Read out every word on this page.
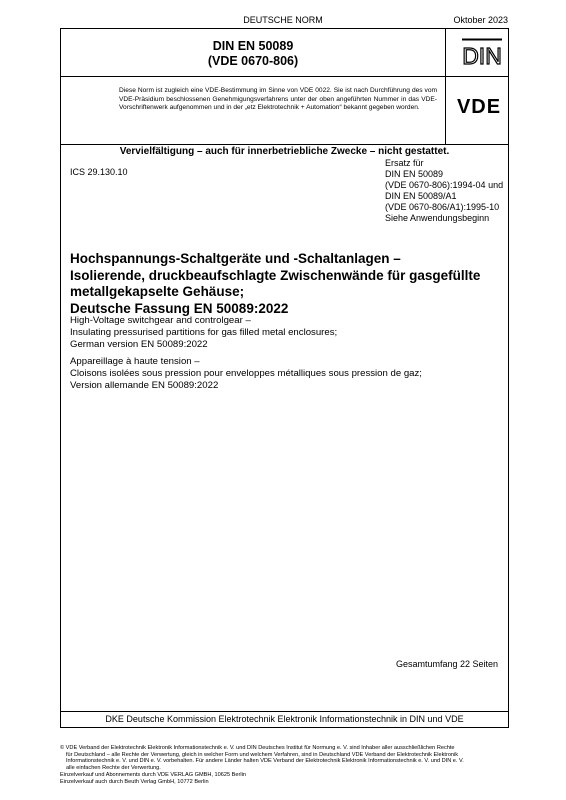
DEUTSCHE NORM	Oktober 2023
DIN EN 50089
(VDE 0670-806)
Diese Norm ist zugleich eine VDE-Bestimmung im Sinne von VDE 0022. Sie ist nach Durchführung des vom VDE-Präsidium beschlossenen Genehmigungsverfahrens unter der oben angeführten Nummer in das VDE-Vorschriftenwerk aufgenommen und in der „etz Elektrotechnik + Automation“ bekannt gegeben worden.
DIN
VDE
Vervielfältigung – auch für innerbetriebliche Zwecke – nicht gestattet.
ICS 29.130.10
Ersatz für
DIN EN 50089
(VDE 0670-806):1994-04 und
DIN EN 50089/A1
(VDE 0670-806/A1):1995-10
Siehe Anwendungsbeginn
Hochspannungs-Schaltgeräte und -Schaltanlagen –
Isolierende, druckbeaufschlagte Zwischenwände für gasgefüllte
metallgekapselte Gehäuse;
Deutsche Fassung EN 50089:2022
High-Voltage switchgear and controlgear –
Insulating pressurised partitions for gas filled metal enclosures;
German version EN 50089:2022
Appareillage à haute tension –
Cloisons isolées sous pression pour enveloppes métalliques sous pression de gaz;
Version allemande EN 50089:2022
Gesamtumfang 22 Seiten
DKE Deutsche Kommission Elektrotechnik Elektronik Informationstechnik in DIN und VDE
© VDE Verband der Elektrotechnik Elektronik Informationstechnik e. V. und DIN Deutsches Institut für Normung e. V. sind Inhaber aller ausschließlichen Rechte
für Deutschland – alle Rechte der Verwertung, gleich in welcher Form und welchem Verfahren, sind in Deutschland VDE Verband der Elektrotechnik Elektronik
Informationstechnik e. V. und DIN e. V. vorbehalten. Für andere Länder halten VDE Verband der Elektrotechnik Elektronik Informationstechnik e. V. und DIN e. V.
alle einfachen Rechte der Verwertung.
Einzelverkauf und Abonnements durch VDE VERLAG GMBH, 10625 Berlin
Einzelverkauf auch durch Beuth Verlag GmbH, 10772 Berlin
